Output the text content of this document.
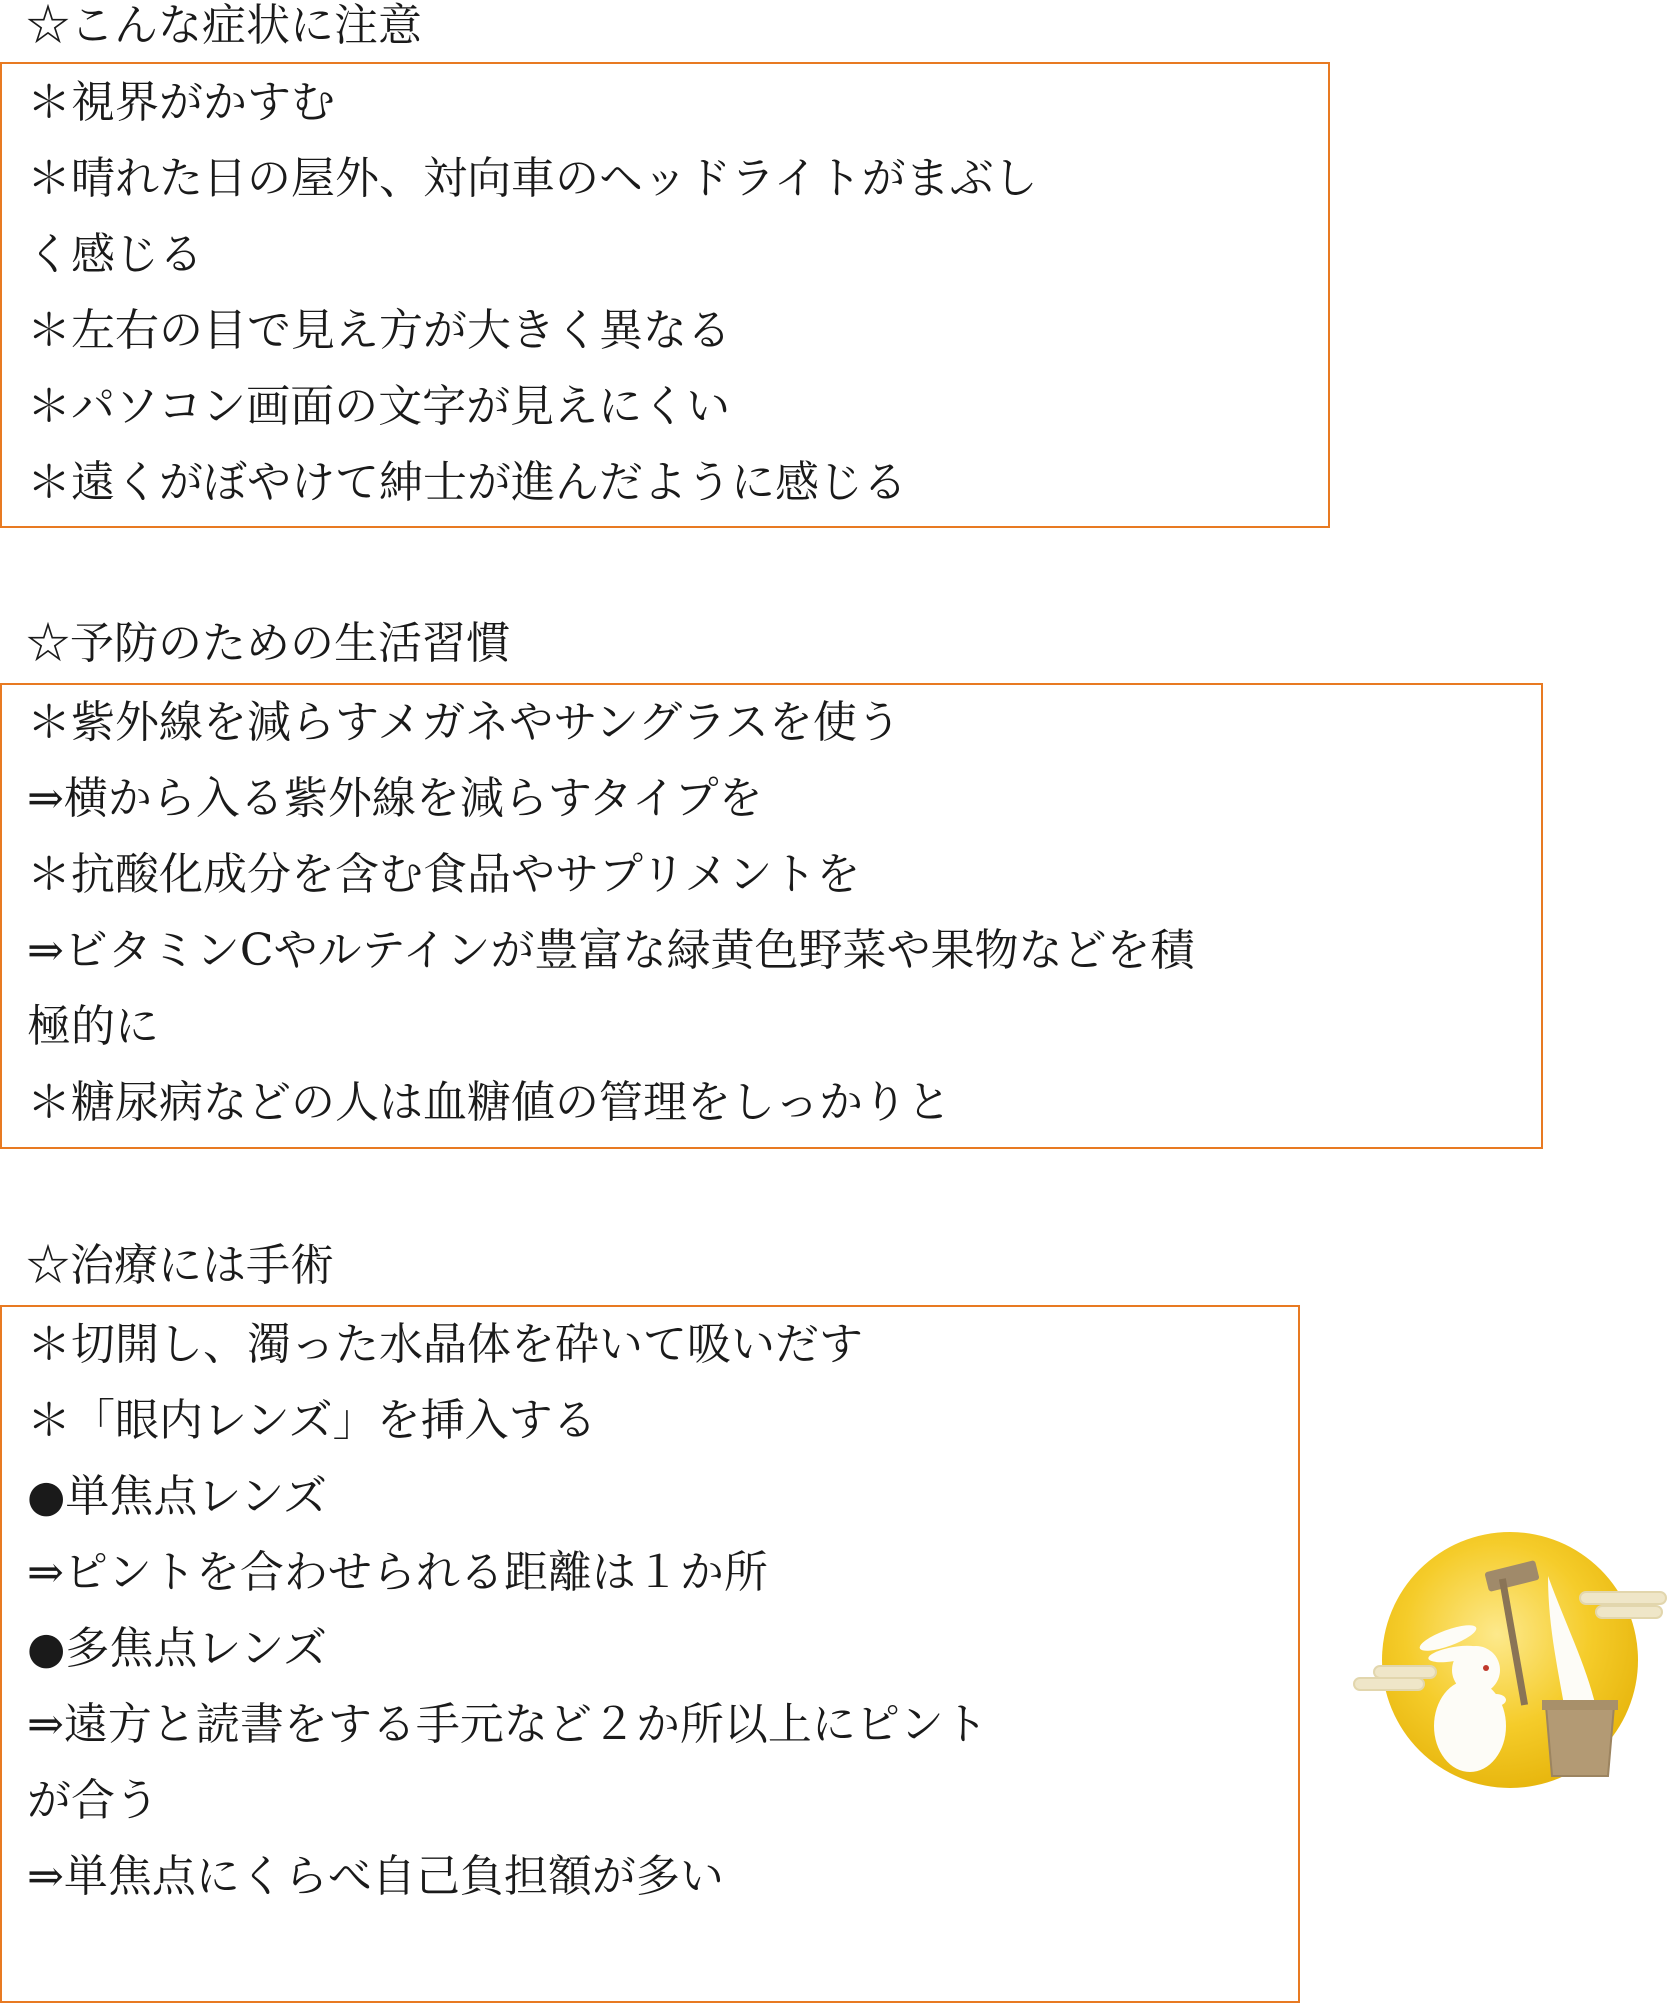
☆こんな症状に注意
＊視界がかすむ
＊晴れた日の屋外、対向車のヘッドライトがまぶし
く感じる
＊左右の目で見え方が大きく異なる
＊パソコン画面の文字が見えにくい
＊遠くがぼやけて紳士が進んだように感じる
☆予防のための生活習慣
＊紫外線を減らすメガネやサングラスを使う
⇒横から入る紫外線を減らすタイプを
＊抗酸化成分を含む食品やサプリメントを
⇒ビタミンCやルテインが豊富な緑黄色野菜や果物などを積
極的に
＊糖尿病などの人は血糖値の管理をしっかりと
☆治療には手術
＊切開し、濁った水晶体を砕いて吸いだす
＊「眼内レンズ」を挿入する
●単焦点レンズ
⇒ピントを合わせられる距離は１か所
●多焦点レンズ
⇒遠方と読書をする手元など２か所以上にピント
が合う
⇒単焦点にくらべ自己負担額が多い
